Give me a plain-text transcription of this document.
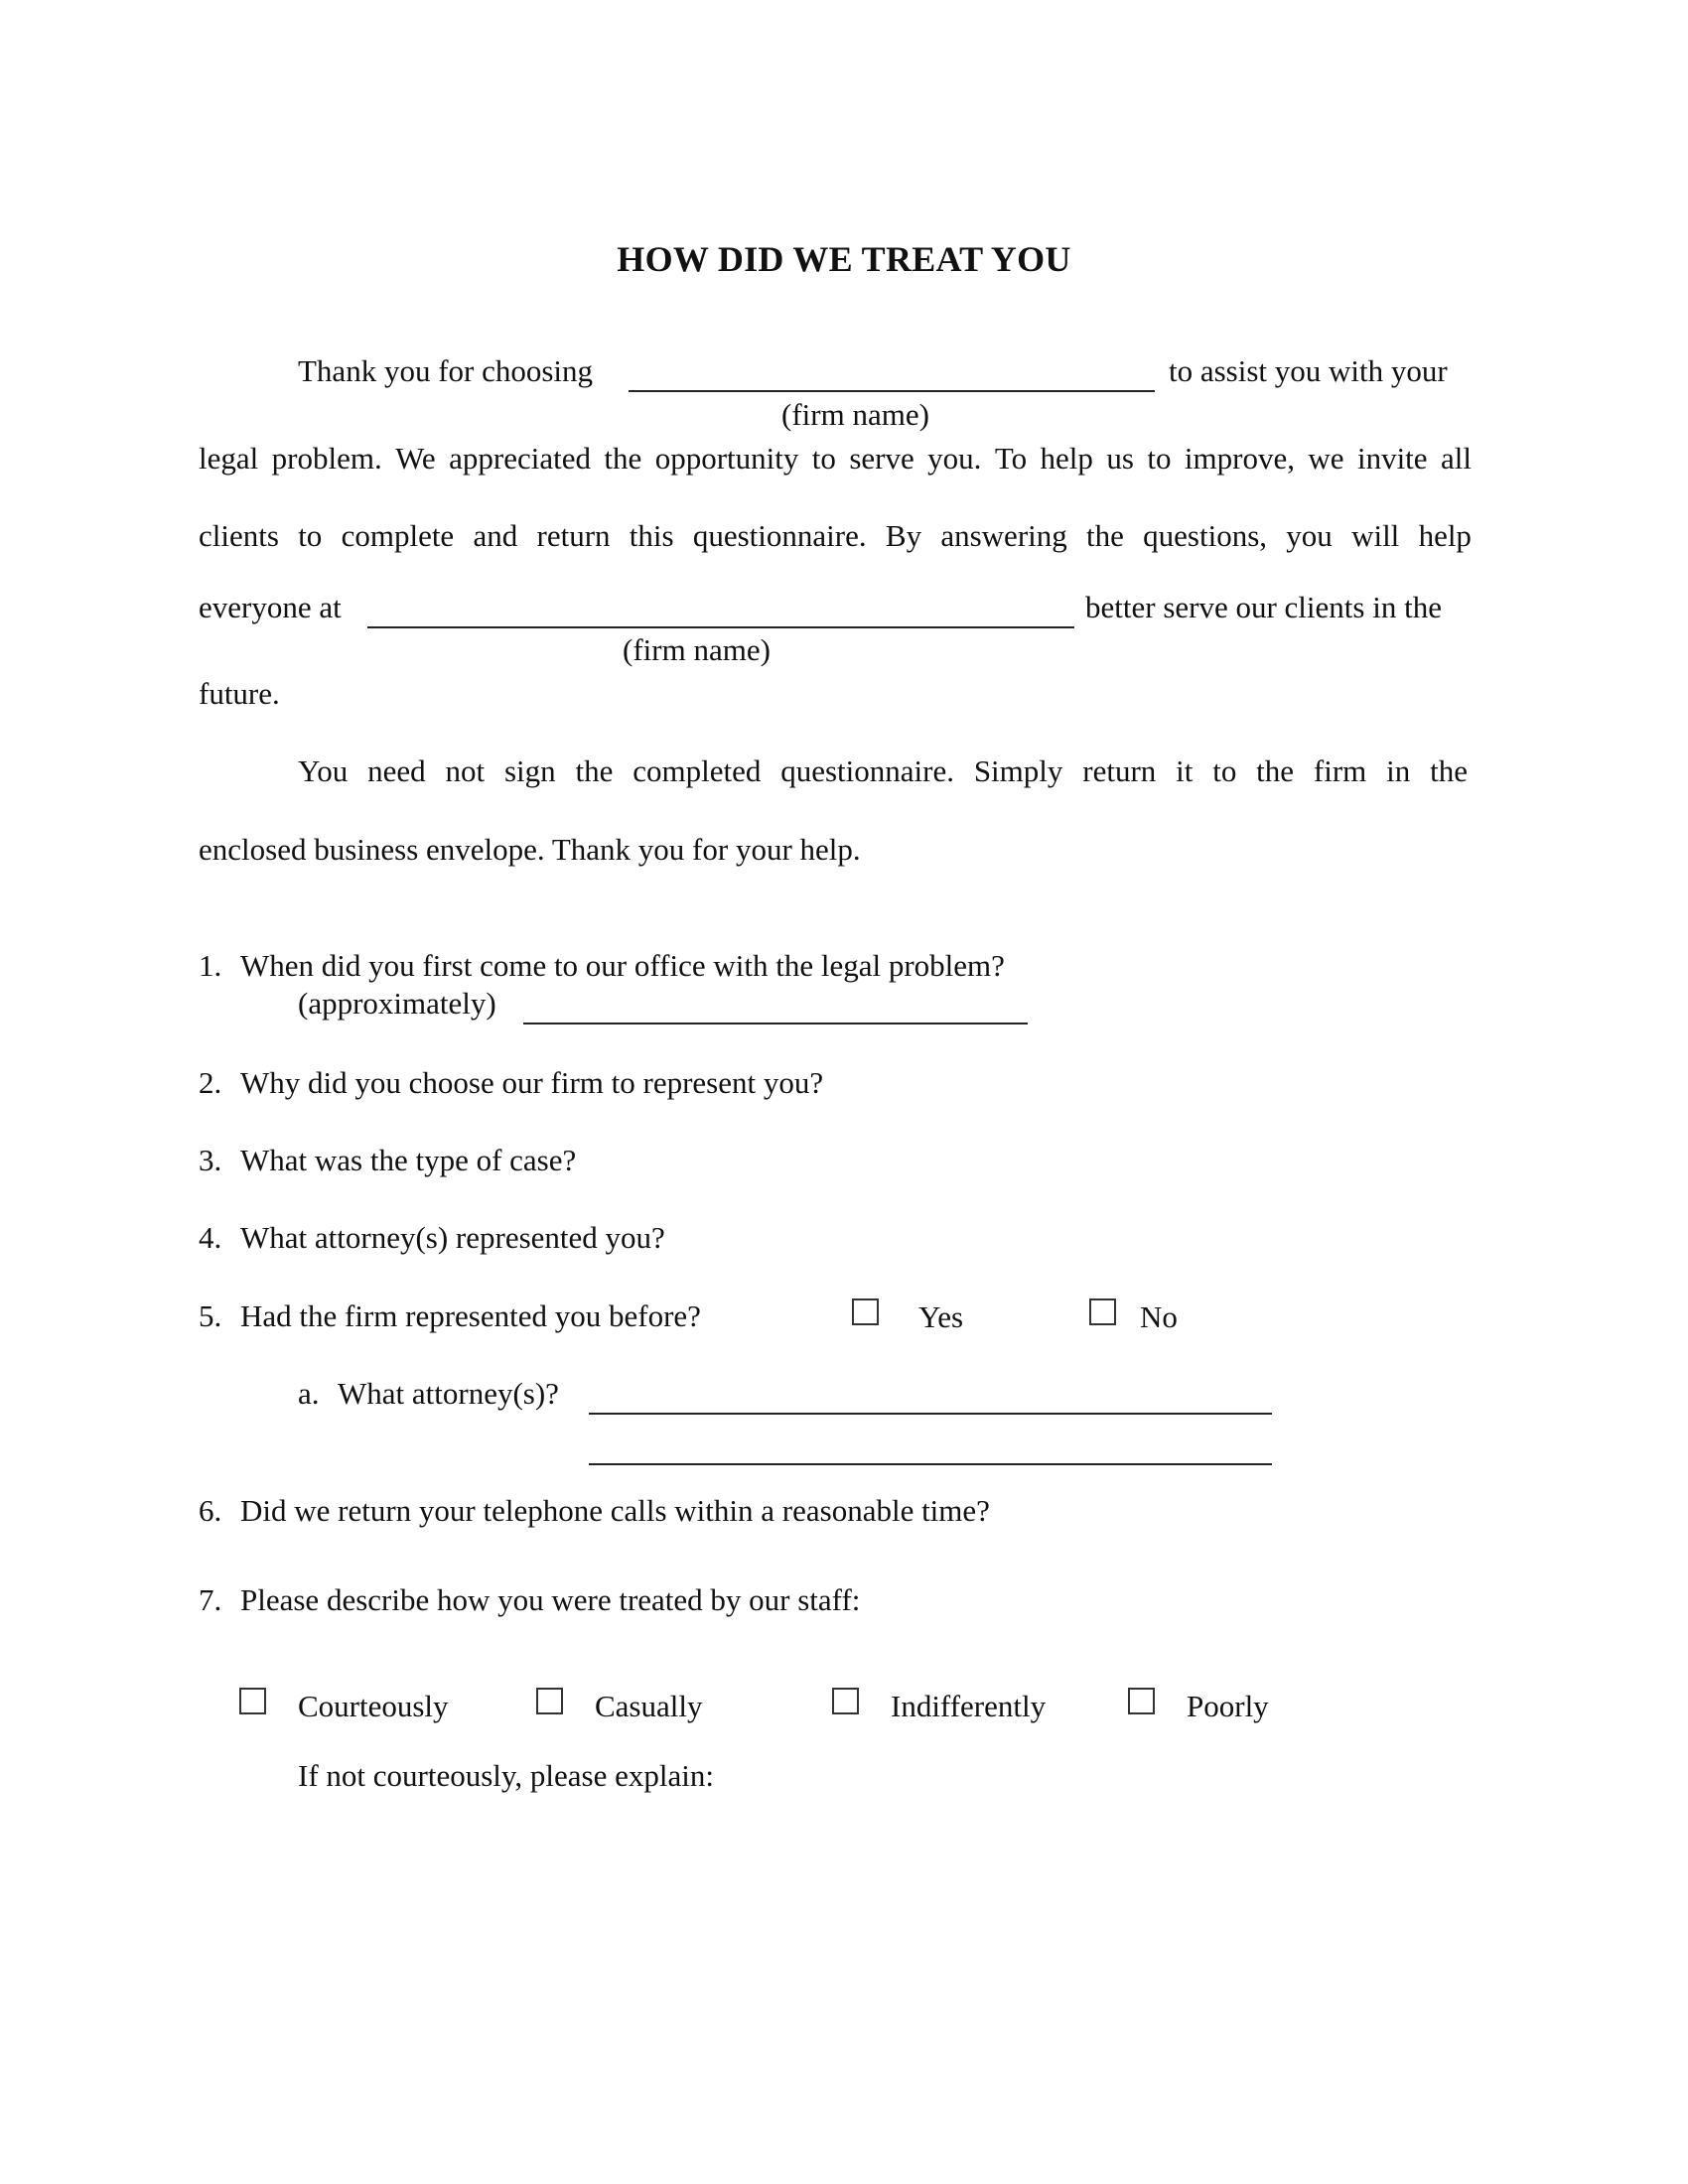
HOW DID WE TREAT YOU
Thank you for choosing	to assist you with your
(firm name)
legal problem. We appreciated the opportunity to serve you. To help us to improve, we invite all
clients to complete and return this questionnaire. By answering the questions, you will help
everyone at	better serve our clients in the
(firm name)
future.
You need not sign the completed questionnaire. Simply return it to the firm in the
enclosed business envelope. Thank you for your help.
1. When did you first come to our office with the legal problem?
(approximately)
2. Why did you choose our firm to represent you?
3. What was the type of case?
4. What attorney(s) represented you?
5. Had the firm represented you before?	Yes	No
a. What attorney(s)?
6. Did we return your telephone calls within a reasonable time?
7. Please describe how you were treated by our staff:
Courteously	Casually	Indifferently	Poorly
If not courteously, please explain:
